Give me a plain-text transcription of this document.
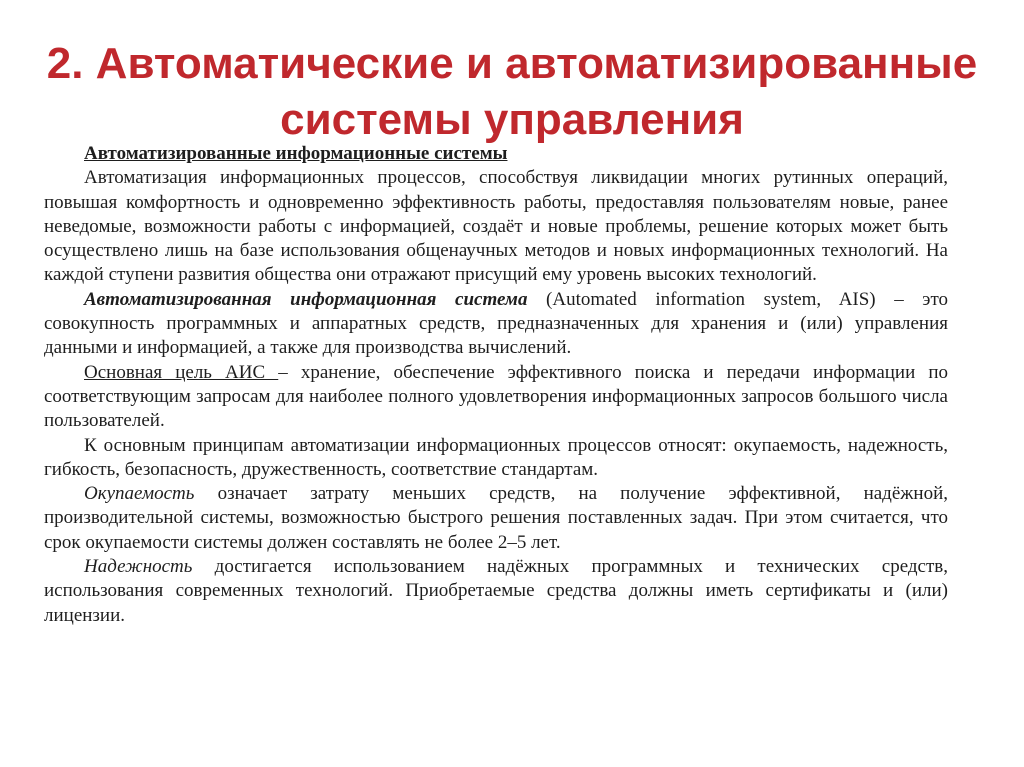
2. Автоматические и автоматизированные
системы управления

Автоматизированные информационные системы

Автоматизация информационных процессов, способствуя ликвидации многих рутинных операций, повышая комфортность и одновременно эффективность работы, предоставляя пользователям новые, ранее неведомые, возможности работы с информацией, создаёт и новые проблемы, решение которых может быть осуществлено лишь на базе использования общенаучных методов и новых информационных технологий. На каждой ступени развития общества они отражают присущий ему уровень высоких технологий.

Автоматизированная информационная система (Automated information system, AIS) – это совокупность программных и аппаратных средств, предназначенных для хранения и (или) управления данными и информацией, а также для производства вычислений.

Основная цель АИС – хранение, обеспечение эффективного поиска и передачи информации по соответствующим запросам для наиболее полного удовлетворения информационных запросов большого числа пользователей.

К основным принципам автоматизации информационных процессов относят: окупаемость, надежность, гибкость, безопасность, дружественность, соответствие стандартам.

Окупаемость означает затрату меньших средств, на получение эффективной, надёжной, производительной системы, возможностью быстрого решения поставленных задач. При этом считается, что срок окупаемости системы должен составлять не более 2–5 лет.

Надежность достигается использованием надёжных программных и технических средств, использования современных технологий. Приобретаемые средства должны иметь сертификаты и (или) лицензии.
